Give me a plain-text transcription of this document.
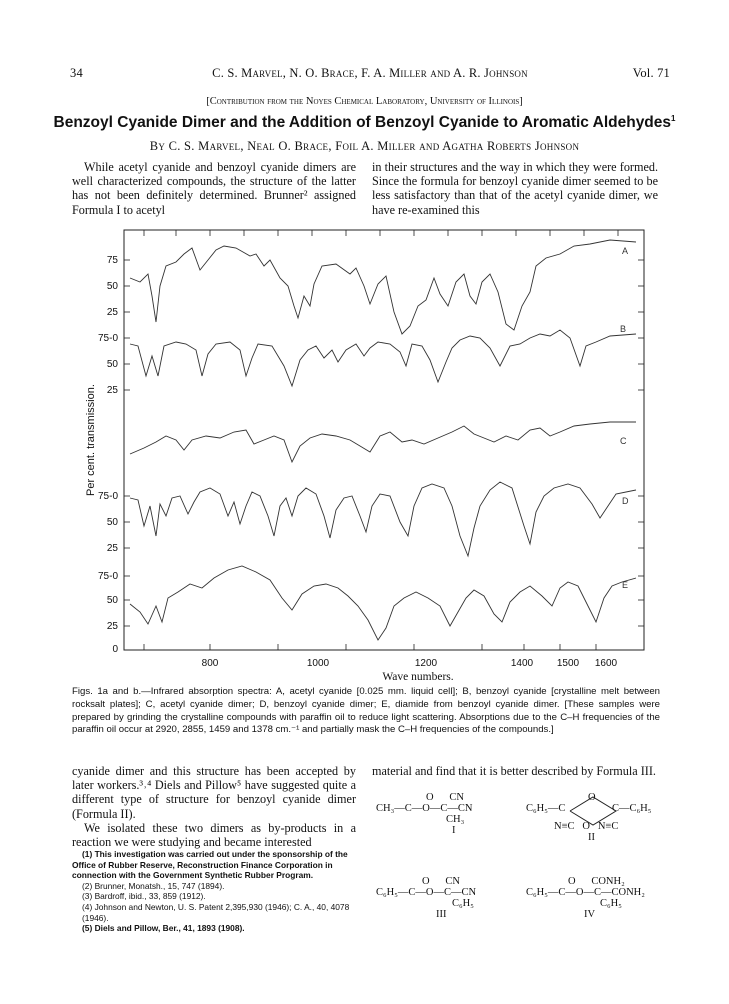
34	C. S. Marvel, N. O. Brace, F. A. Miller and A. R. Johnson	Vol. 71
[Contribution from the Noyes Chemical Laboratory, University of Illinois]
Benzoyl Cyanide Dimer and the Addition of Benzoyl Cyanide to Aromatic Aldehydes$^1$
By C. S. Marvel, Neal O. Brace, Foil A. Miller and Agatha Roberts Johnson

While acetyl cyanide and benzoyl cyanide dimers are well characterized compounds, the structure of the latter has not been definitely determined. Brunner² assigned Formula I to acetyl

in their structures and the way in which they were formed. Since the formula for benzoyl cyanide dimer seemed to be less satisfactory than that of the acetyl cyanide dimer, we have re-examined this

75
50
25
75-0
50
25
75-0
50
25
75-0
50
25
0
Per cent. transmission.
A
B
C
D
E
800	1000	1200	1400 1500 1600
Wave numbers.
Figs. 1a and b.—Infrared absorption spectra: A, acetyl cyanide [0.025 mm. liquid cell]; B, benzoyl cyanide [crystalline melt between rocksalt plates]; C, acetyl cyanide dimer; D, benzoyl cyanide dimer; E, diamide from benzoyl cyanide dimer. [These samples were prepared by grinding the crystalline compounds with paraffin oil to reduce light scattering. Absorptions due to the C–H frequencies of the paraffin oil occur at 2920, 2855, 1459 and 1378 cm.⁻¹ and partially mask the C–H frequencies of the compounds.]

cyanide dimer and this structure has been accepted by later workers.³˒⁴ Diels and Pillow⁵ have suggested quite a different type of structure for benzoyl cyanide dimer (Formula II).

We isolated these two dimers as by-products in a reaction we were studying and became interested

(1) This investigation was carried out under the sponsorship of the Office of Rubber Reserve, Reconstruction Finance Corporation in connection with the Government Synthetic Rubber Program.
(2) Brunner, Monatsh., 15, 747 (1894).
(3) Bardroff, ibid., 33, 859 (1912).
(4) Johnson and Newton, U. S. Patent 2,395,930 (1946); C. A., 40, 4078 (1946).
(5) Diels and Pillow, Ber., 41, 1893 (1908).

material and find that it is better described by Formula III.

O      CN
CH₃—C—O—C—CN
CH₃
I
O
C₆H₅—C	C—C₆H₅
N≡C   O   N≡C
II
O      CN
C₆H₅—C—O—C—CN
C₆H₅
III
O      CONH₂
C₆H₅—C—O—C—CONH₂
C₆H₅
IV
